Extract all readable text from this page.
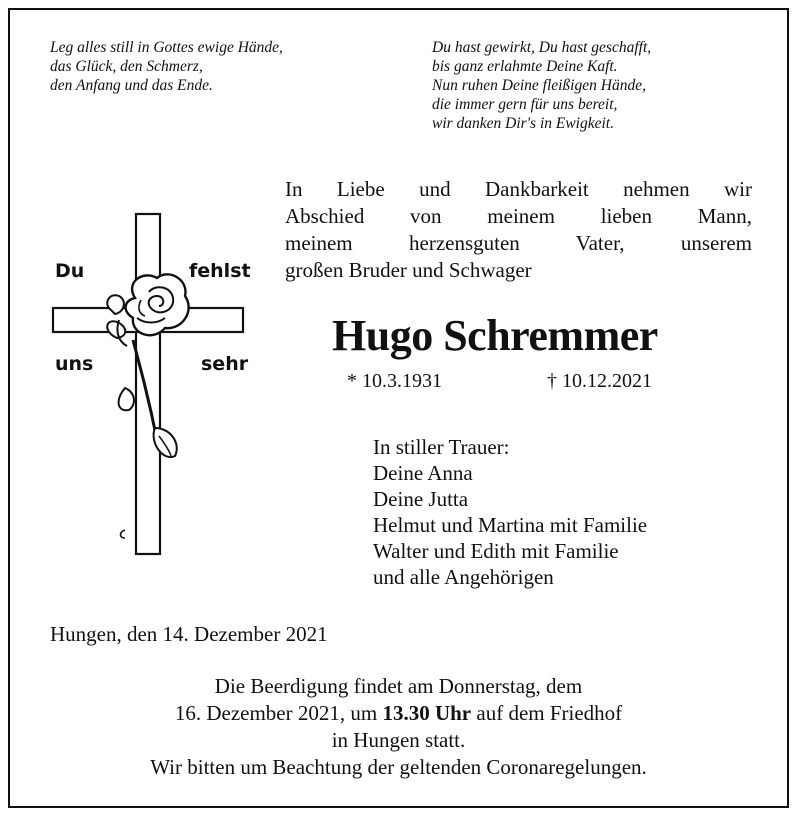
Leg alles still in Gottes ewige Hände,
das Glück, den Schmerz,
den Anfang und das Ende.
Du hast gewirkt, Du hast geschafft,
bis ganz erlahmte Deine Kaft.
Nun ruhen Deine fleißigen Hände,
die immer gern für uns bereit,
wir danken Dir's in Ewigkeit.
Du	fehlst
uns	sehr
In Liebe und Dankbarkeit nehmen wir
Abschied von meinem lieben Mann,
meinem herzensguten Vater, unserem
großen Bruder und Schwager
Hugo Schremmer
* 10.3.1931	† 10.12.2021
In stiller Trauer:
Deine Anna
Deine Jutta
Helmut und Martina mit Familie
Walter und Edith mit Familie
und alle Angehörigen
Hungen, den 14. Dezember 2021
Die Beerdigung findet am Donnerstag, dem
16. Dezember 2021, um 13.30 Uhr auf dem Friedhof
in Hungen statt.
Wir bitten um Beachtung der geltenden Coronaregelungen.
